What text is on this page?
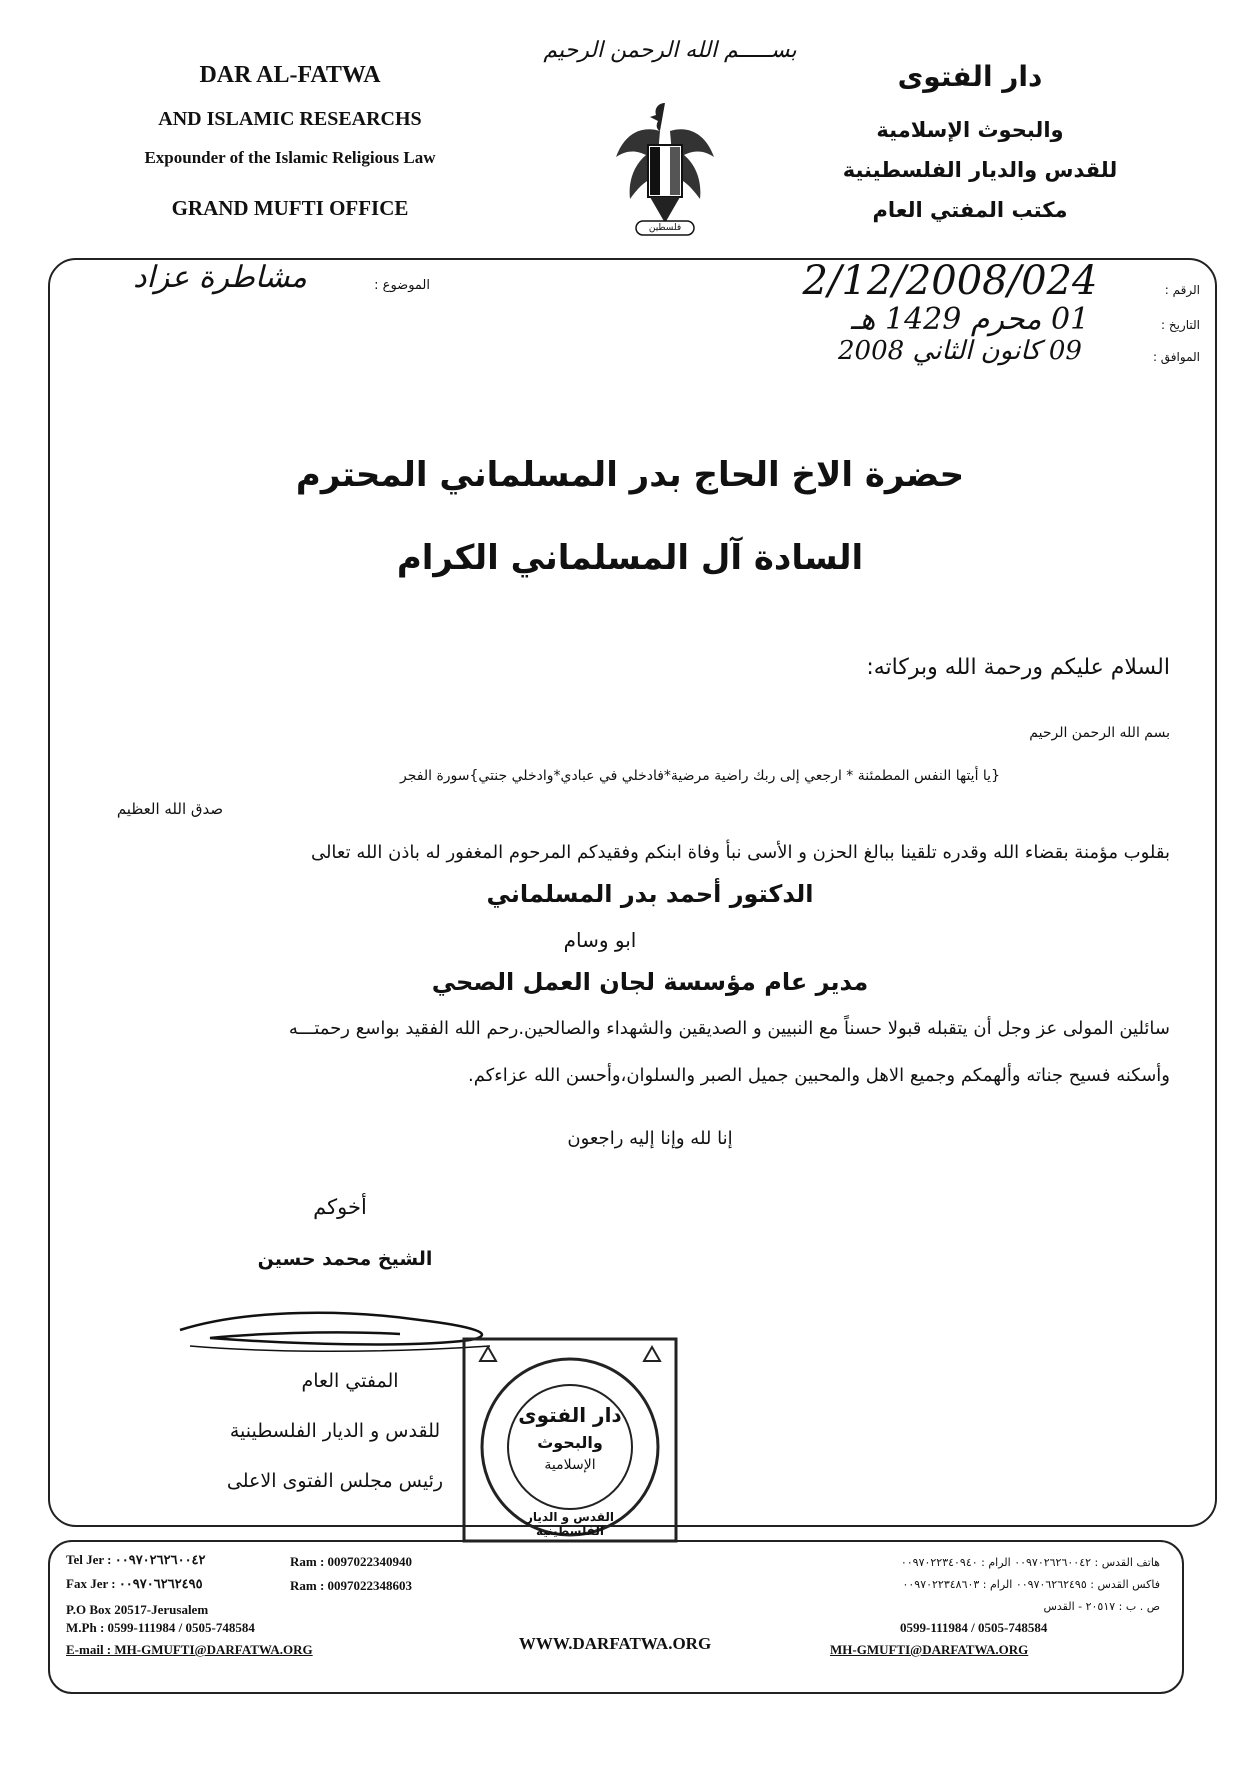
بســـــم الله الرحمن الرحيم
DAR AL-FATWA
AND ISLAMIC RESEARCHS
Expounder of the Islamic Religious Law
GRAND MUFTI OFFICE
فلسطين
دار الفتوى
والبحوث الإسلامية
للقدس والديار الفلسطينية
مكتب المفتي العام
الموضوع :
مشاطرة عزاد	الرقم :
2/12/2008/024
التاريخ :
01 محرم 1429 هـ
الموافق :
09 كانون الثاني 2008
حضرة الاخ الحاج بدر المسلماني المحترم
السادة آل المسلماني الكرام
السلام عليكم ورحمة الله وبركاته:
بسم الله الرحمن الرحيم
{يا أيتها النفس المطمئنة * ارجعي إلى ربك راضية مرضية*فادخلي في عبادي*وادخلي جنتي}سورة الفجر
صدق الله العظيم
بقلوب مؤمنة بقضاء الله وقدره تلقينا ببالغ الحزن و الأسى نبأ وفاة ابنكم وفقيدكم المرحوم المغفور له باذن الله تعالى
الدكتور أحمد بدر المسلماني
ابو وسام
مدير عام مؤسسة لجان العمل الصحي
سائلين المولى عز وجل أن يتقبله قبولا حسناً مع النبيين و الصديقين والشهداء والصالحين.رحم الله الفقيد بواسع رحمتـــه
وأسكنه فسيح جناته وألهمكم وجميع الاهل والمحبين جميل الصبر والسلوان،وأحسن الله عزاءكم.
إنا لله وإنا إليه راجعون
أخوكم
الشيخ محمد حسين
المفتي العام
للقدس و الديار الفلسطينية
رئيس مجلس الفتوى الاعلى
دار الفتوى
والبحوث
الإسلامية
القدس و الديار الفلسطينية
Tel Jer : ٠٠٩٧٠٢٦٢٦٠٠٤٢
Fax Jer : ٠٠٩٧٠٦٢٦٢٤٩٥
P.O Box 20517-Jerusalem
M.Ph : 0599-111984 / 0505-748584
E-mail : MH-GMUFTI@DARFATWA.ORG
Ram : 0097022340940
Ram : 0097022348603
WWW.DARFATWA.ORG
هاتف القدس : ٠٠٩٧٠٢٦٢٦٠٠٤٢ الرام : ٠٠٩٧٠٢٢٣٤٠٩٤٠
فاكس القدس : ٠٠٩٧٠٦٢٦٢٤٩٥ الرام : ٠٠٩٧٠٢٢٣٤٨٦٠٣
ص . ب : ٢٠٥١٧ - القدس
0599-111984 / 0505-748584
MH-GMUFTI@DARFATWA.ORG
